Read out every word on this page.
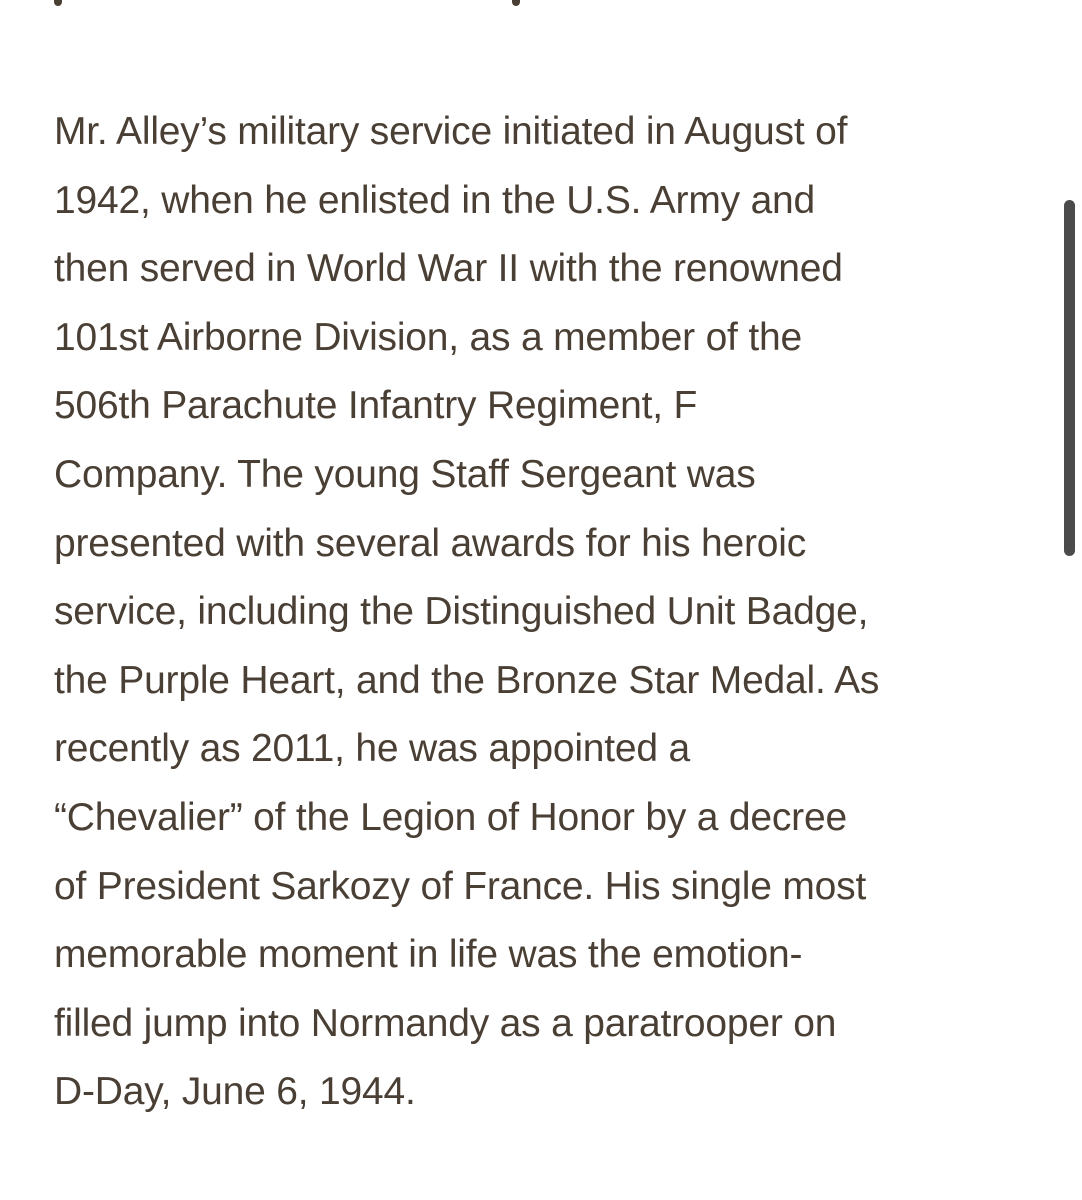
Mr. Alley’s military service initiated in August of
1942, when he enlisted in the U.S. Army and
then served in World War II with the renowned
101st Airborne Division, as a member of the
506th Parachute Infantry Regiment, F
Company. The young Staff Sergeant was
presented with several awards for his heroic
service, including the Distinguished Unit Badge,
the Purple Heart, and the Bronze Star Medal. As
recently as 2011, he was appointed a
“Chevalier” of the Legion of Honor by a decree
of President Sarkozy of France. His single most
memorable moment in life was the emotion-
filled jump into Normandy as a paratrooper on
D-Day, June 6, 1944.
